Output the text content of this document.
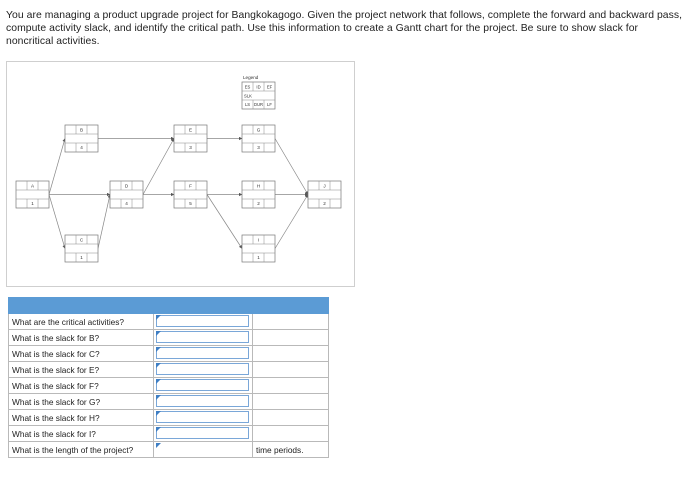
You are managing a product upgrade project for Bangkokagogo. Given the project network that follows, complete the forward and backward pass, compute activity slack, and identify the critical path. Use this information to create a Gantt chart for the project. Be sure to show slack for noncritical activities.
A
1
B
4
C
1
D
4
E
3
F
5
G
3
H
2
I
1
J
2
Legend
ES ID EF
SLK
LS DUR LF

What are the critical activities?	

What is the slack for B?	

What is the slack for C?	

What is the slack for E?	

What is the slack for F?	

What is the slack for G?	

What is the slack for H?	

What is the slack for I?	

What is the length of the project?		time periods.
